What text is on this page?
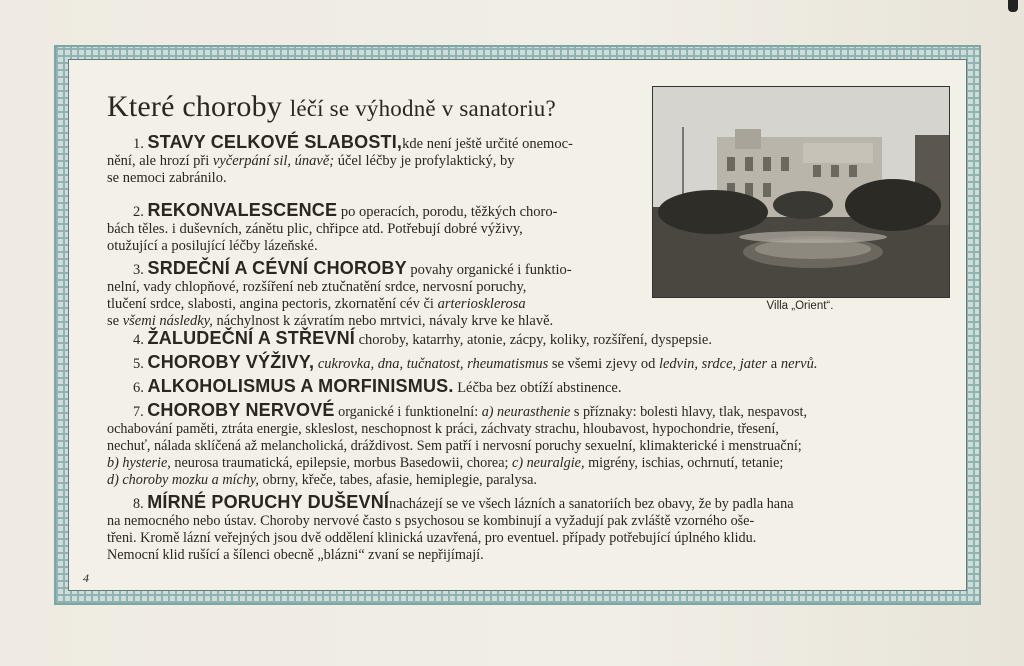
Které choroby léčí se výhodně v sanatoriu?
Villa „Orient“.
1. STAVY CELKOVÉ SLABOSTI,kde není ještě určité onemoc-
nění, ale hrozí při vyčerpání sil, únavě; účel léčby je profylaktický, by
se nemoci zabránilo.
2. REKONVALESCENCE po operacích, porodu, těžkých choro-
bách těles. i duševních, zánětu plic, chřipce atd. Potřebují dobré výživy,
otužující a posilující léčby lázeňské.
3. SRDEČNÍ A CÉVNÍ CHOROBY povahy organické i funktio-
nelní, vady chlopňové, rozšíření neb ztučnatění srdce, nervosní poruchy,
tlučení srdce, slabosti, angina pectoris, zkornatění cév či arteriosklerosa
se všemi následky, náchylnost k závratím nebo mrtvici, návaly krve ke hlavě.
4. ŽALUDEČNÍ A STŘEVNÍ choroby, katarrhy, atonie, zácpy, koliky, rozšíření, dyspepsie.
5. CHOROBY VÝŽIVY, cukrovka, dna, tučnatost, rheumatismus se všemi zjevy od ledvin, srdce, jater a nervů.
6. ALKOHOLISMUS A MORFINISMUS. Léčba bez obtíží abstinence.
7. CHOROBY NERVOVÉ organické i funktionelní: a) neurasthenie s příznaky: bolesti hlavy, tlak, nespavost,
ochabování paměti, ztráta energie, skleslost, neschopnost k práci, záchvaty strachu, hloubavost, hypochondrie, třesení,
nechuť, nálada sklíčená až melancholická, dráždivost. Sem patří i nervosní poruchy sexuelní, klimakterické i menstruační;
b) hysterie, neurosa traumatická, epilepsie, morbus Basedowii, chorea; c) neuralgie, migrény, ischias, ochrnutí, tetanie;
d) choroby mozku a míchy, obrny, křeče, tabes, afasie, hemiplegie, paralysa.
8. MÍRNÉ PORUCHY DUŠEVNÍnacházejí se ve všech lázních a sanatoriích bez obavy, že by padla hana
na nemocného nebo ústav. Choroby nervové často s psychosou se kombinují a vyžadují pak zvláště vzorného oše-
třeni. Kromě lázní veřejných jsou dvě oddělení klinická uzavřená, pro eventuel. případy potřebující úplného klidu.
Nemocní klid rušící a šílenci obecně „blázni“ zvaní se nepřijímají.
4
